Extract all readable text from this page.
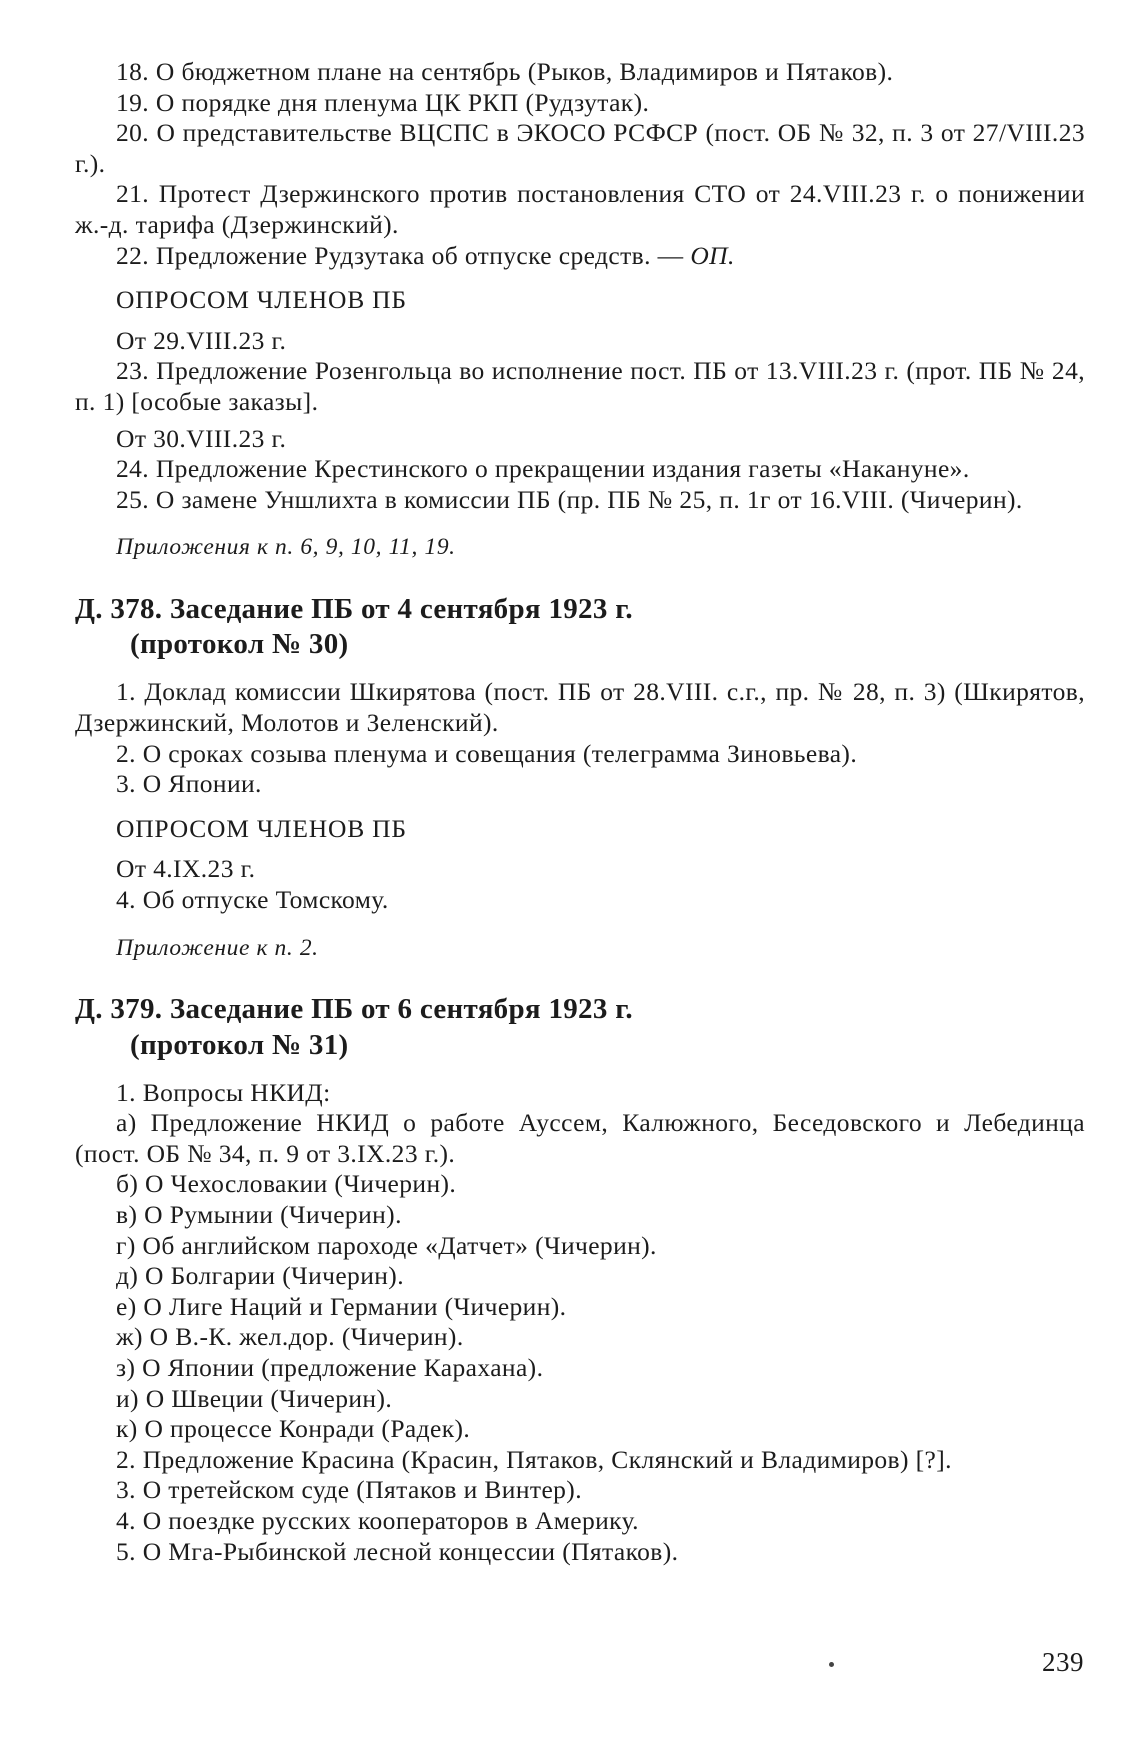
18. О бюджетном плане на сентябрь (Рыков, Владимиров и Пятаков).

19. О порядке дня пленума ЦК РКП (Рудзутак).

20. О представительстве ВЦСПС в ЭКОСО РСФСР (пост. ОБ № 32, п. 3 от 27/VIII.23 г.).

21. Протест Дзержинского против постановления СТО от 24.VIII.23 г. о понижении ж.-д. тарифа (Дзержинский).

22. Предложение Рудзутака об отпуске средств. — ОП.

ОПРОСОМ ЧЛЕНОВ ПБ

От 29.VIII.23 г.

23. Предложение Розенгольца во исполнение пост. ПБ от 13.VIII.23 г. (прот. ПБ № 24, п. 1) [особые заказы].

От 30.VIII.23 г.

24. Предложение Крестинского о прекращении издания газеты «Накануне».

25. О замене Уншлихта в комиссии ПБ (пр. ПБ № 25, п. 1г от 16.VIII. (Чичерин).

Приложения к п. 6, 9, 10, 11, 19.

Д. 378. Заседание ПБ от 4 сентября 1923 г.
(протокол № 30)

1. Доклад комиссии Шкирятова (пост. ПБ от 28.VIII. с.г., пр. № 28, п. 3) (Шкирятов, Дзержинский, Молотов и Зеленский).

2. О сроках созыва пленума и совещания (телеграмма Зиновьева).

3. О Японии.

ОПРОСОМ ЧЛЕНОВ ПБ

От 4.IX.23 г.

4. Об отпуске Томскому.

Приложение к п. 2.

Д. 379. Заседание ПБ от 6 сентября 1923 г.
(протокол № 31)

1. Вопросы НКИД:

а) Предложение НКИД о работе Ауссем, Калюжного, Беседовского и Лебединца (пост. ОБ № 34, п. 9 от 3.IX.23 г.).

б) О Чехословакии (Чичерин).

в) О Румынии (Чичерин).

г) Об английском пароходе «Датчет» (Чичерин).

д) О Болгарии (Чичерин).

е) О Лиге Наций и Германии (Чичерин).

ж) О В.-К. жел.дор. (Чичерин).

з) О Японии (предложение Карахана).

и) О Швеции (Чичерин).

к) О процессе Конради (Радек).

2. Предложение Красина (Красин, Пятаков, Склянский и Владимиров) [?].

3. О третейском суде (Пятаков и Винтер).

4. О поездке русских кооператоров в Америку.

5. О Мга-Рыбинской лесной концессии (Пятаков).

239
